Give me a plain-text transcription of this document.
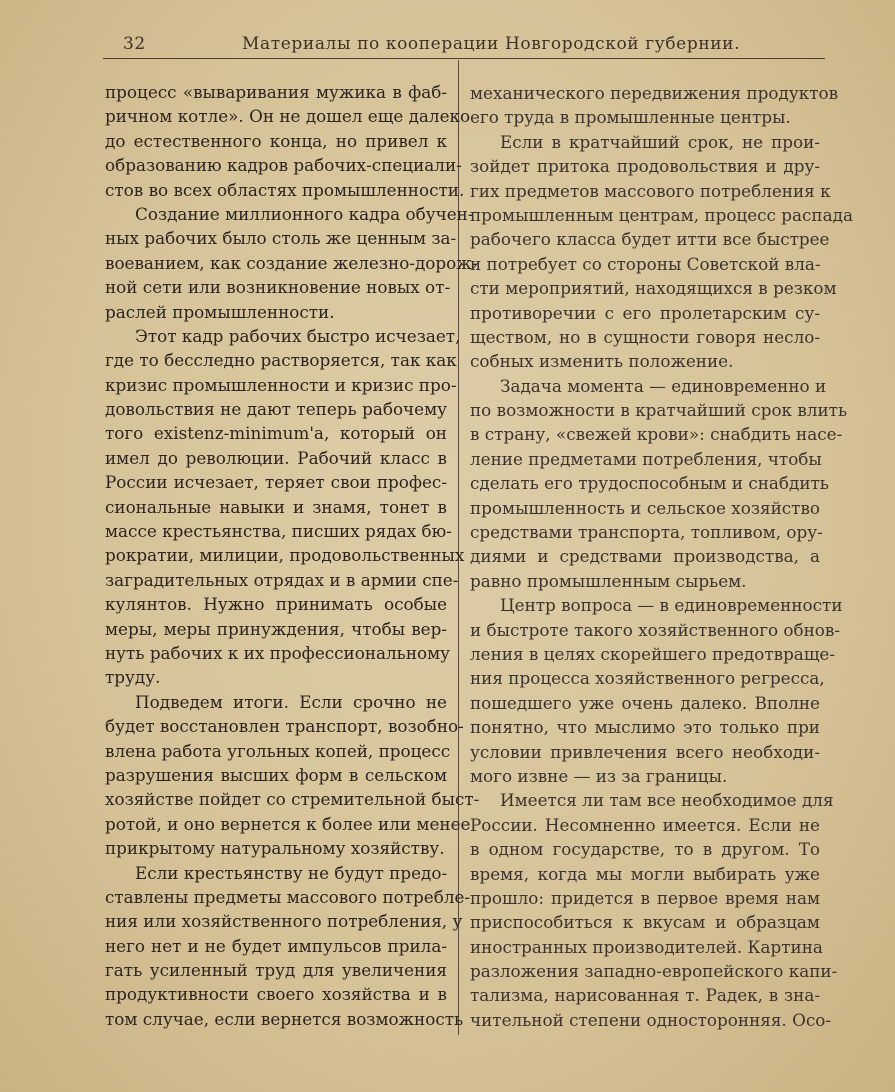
32	Материалы по кооперации Новгородской губернии.
процесс «вываривания мужика в фаб-
ричном котле». Он не дошел еще далеко
до естественного конца, но привел к
образованию кадров рабочих-специали-
стов во всех областях промышленности.
Создание миллионного кадра обучен-
ных рабочих было столь же ценным за-
воеванием, как создание железно-дорож-
ной сети или возникновение новых от-
раслей промышленности.
Этот кадр рабочих быстро исчезает,
где то бесследно растворяется, так как
кризис промышленности и кризис про-
довольствия не дают теперь рабочему
того existenz-minimum'a, который он
имел до революции. Рабочий класс в
России исчезает, теряет свои профес-
сиональные навыки и знамя, тонет в
массе крестьянства, писших рядах бю-
рократии, милиции, продовольственных
заградительных отрядах и в армии спе-
кулянтов. Нужно принимать особые
меры, меры принуждения, чтобы вер-
нуть рабочих к их профессиональному
труду.
Подведем итоги. Если срочно не
будет восстановлен транспорт, возобно-
влена работа угольных копей, процесс
разрушения высших форм в сельском
хозяйстве пойдет со стремительной быст-
ротой, и оно вернется к более или менее
прикрытому натуральному хозяйству.
Если крестьянству не будут предо-
ставлены предметы массового потребле-
ния или хозяйственного потребления, у
него нет и не будет импульсов прила-
гать усиленный труд для увеличения
продуктивности своего хозяйства и в
том случае, если вернется возможность
механического передвижения продуктов
его труда в промышленные центры.
Если в кратчайший срок, не прои-
зойдет притока продовольствия и дру-
гих предметов массового потребления к
промышленным центрам, процесс распада
рабочего класса будет итти все быстрее
и потребует со стороны Советской вла-
сти мероприятий, находящихся в резком
противоречии с его пролетарским су-
ществом, но в сущности говоря несло-
собных изменить положение.
Задача момента — единовременно и
по возможности в кратчайший срок влить
в страну, «свежей крови»: снабдить насе-
ление предметами потребления, чтобы
сделать его трудоспособным и снабдить
промышленность и сельское хозяйство
средствами транспорта, топливом, ору-
диями и средствами производства, а
равно промышленным сырьем.
Центр вопроса — в единовременности
и быстроте такого хозяйственного обнов-
ления в целях скорейшего предотвраще-
ния процесса хозяйственного регресса,
пошедшего уже очень далеко. Вполне
понятно, что мыслимо это только при
условии привлечения всего необходи-
мого извне — из за границы.
Имеется ли там все необходимое для
России. Несомненно имеется. Если не
в одном государстве, то в другом. То
время, когда мы могли выбирать уже
прошло: придется в первое время нам
приспособиться к вкусам и образцам
иностранных производителей. Картина
разложения западно-европейского капи-
тализма, нарисованная т. Радек, в зна-
чительной степени односторонняя. Осо-
